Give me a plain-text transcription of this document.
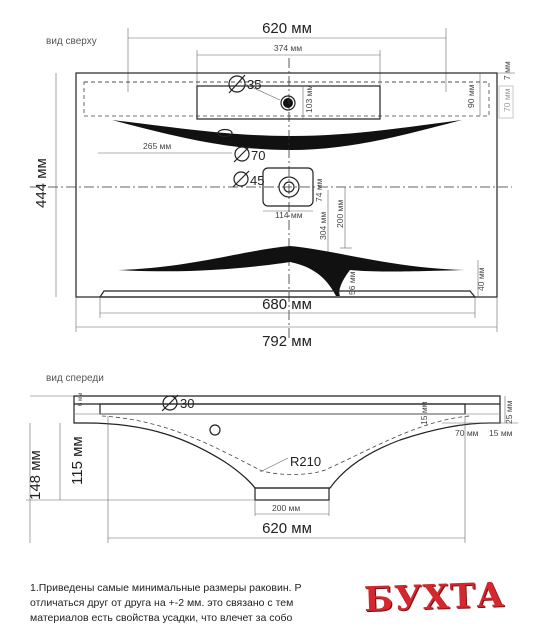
вид сверху
620 мм
374 мм
35
103 мм	90 мм	70 мм
7 мм
265 мм
70
45	74 мм
114 мм	200 мм
304 мм
444 мм
56 мм	40 мм
680 мм
792 мм
вид спереди
30
6 мм
15 мм	25 мм
70 мм 15 мм
R210
148 мм 115 мм
200 мм
620 мм
1.Приведены самые минимальные размеры раковин. Р
отличаться друг от друга на +-2 мм. это связано с тем
материалов есть свойства усадки, что влечет за собо	БУХТА
